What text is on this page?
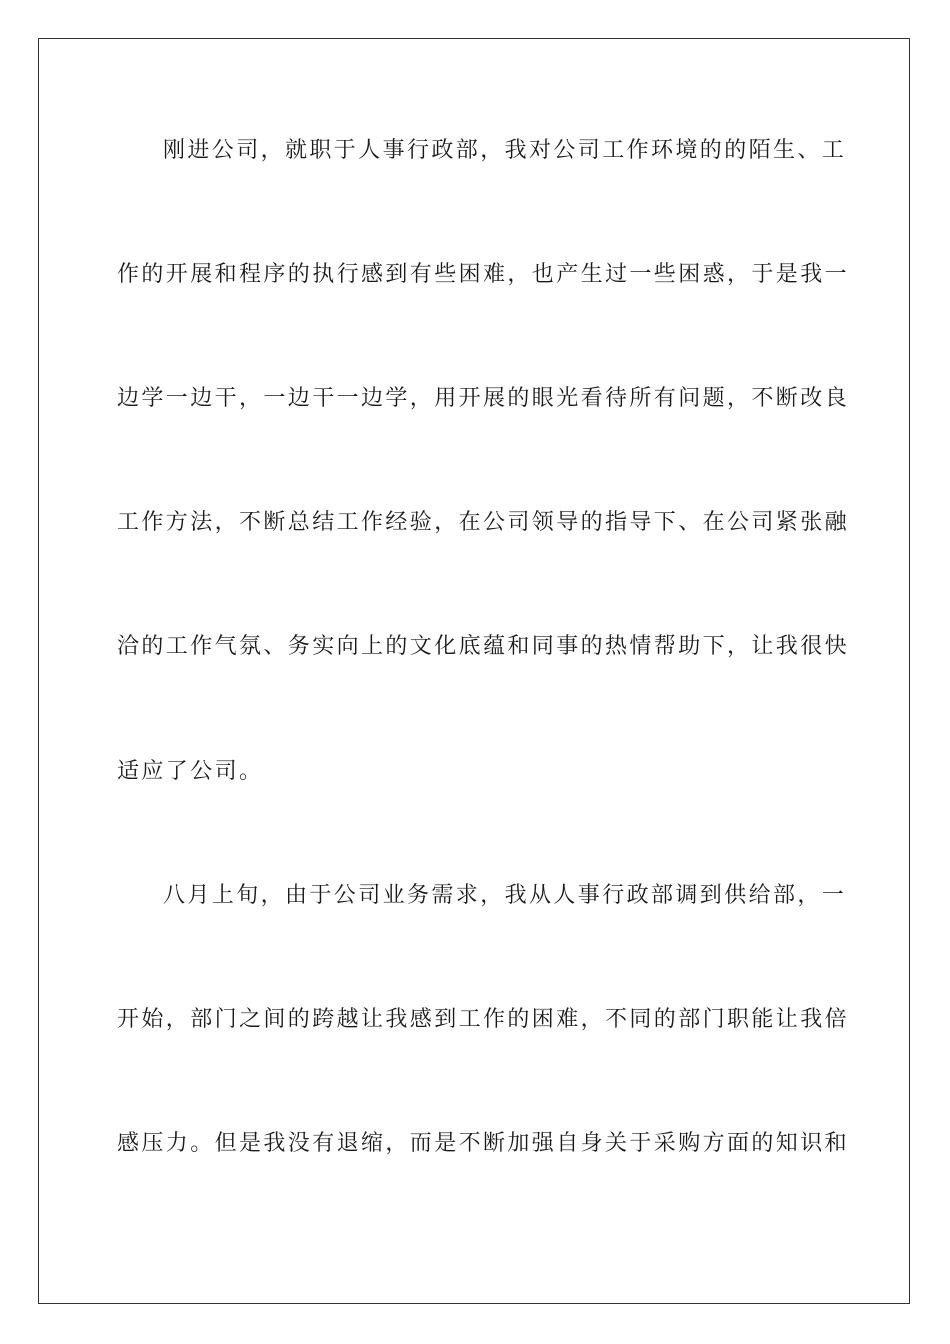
刚进公司，就职于人事行政部，我对公司工作环境的的陌生、工
作的开展和程序的执行感到有些困难，也产生过一些困惑，于是我一
边学一边干，一边干一边学，用开展的眼光看待所有问题，不断改良
工作方法，不断总结工作经验，在公司领导的指导下、在公司紧张融
洽的工作气氛、务实向上的文化底蕴和同事的热情帮助下，让我很快
适应了公司。
八月上旬，由于公司业务需求，我从人事行政部调到供给部，一
开始，部门之间的跨越让我感到工作的困难，不同的部门职能让我倍
感压力。但是我没有退缩，而是不断加强自身关于采购方面的知识和
